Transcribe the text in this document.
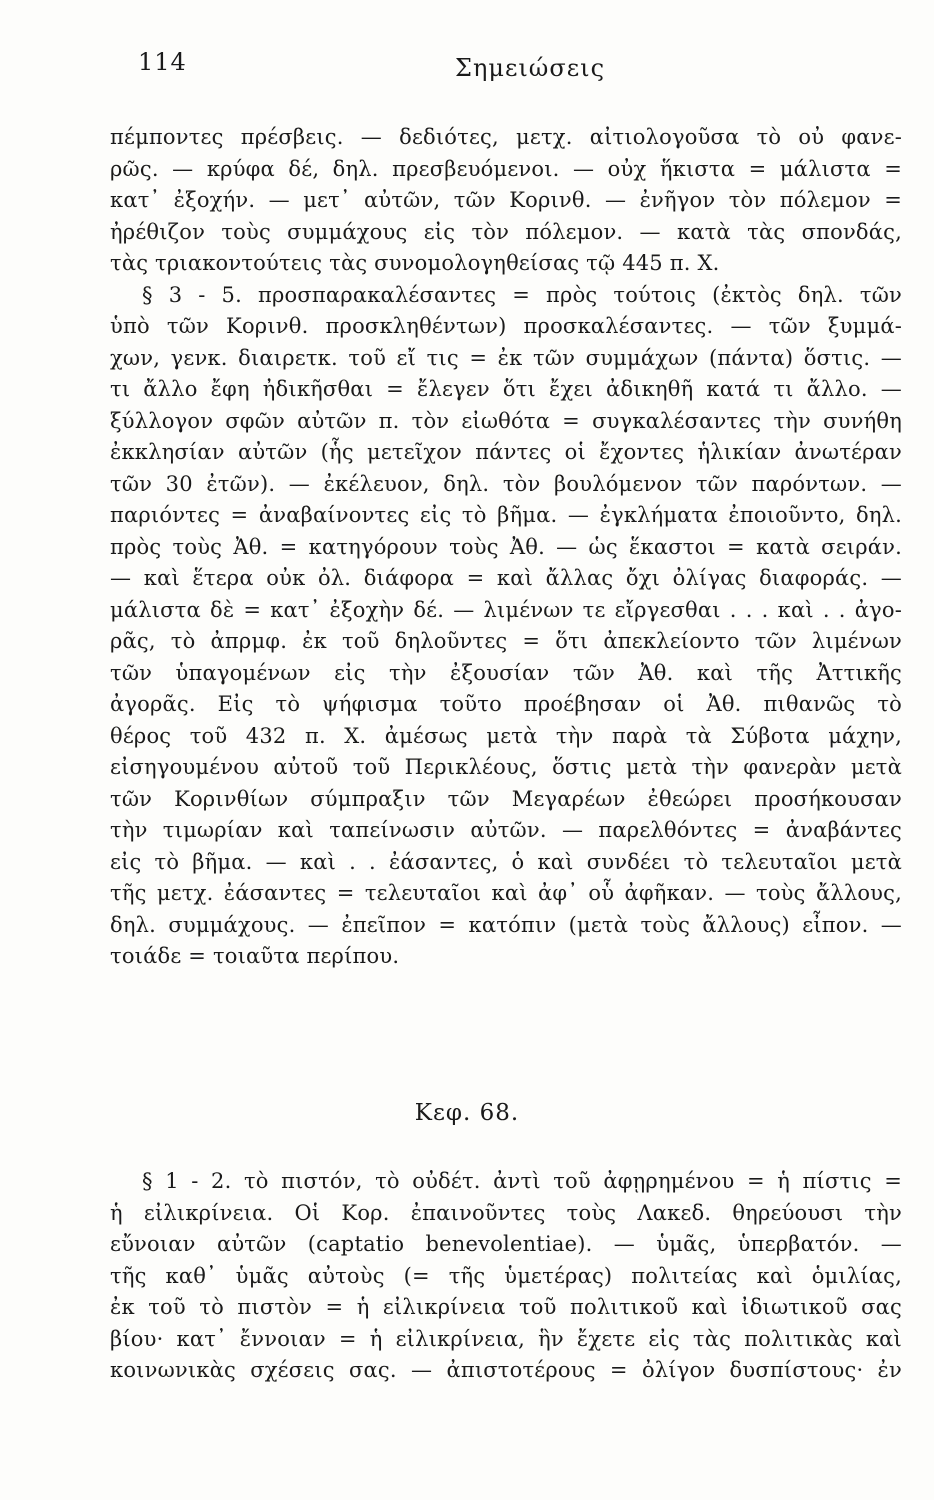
114	Σημειώσεις
πέμποντες πρέσβεις. — δεδιότες, μετχ. αἰτιολογοῦσα τὸ οὐ φανε-
ρῶς. — κρύφα δέ, δηλ. πρεσβευόμενοι. — οὐχ ἥκιστα = μάλιστα =
κατ᾽ ἐξοχήν. — μετ᾽ αὐτῶν, τῶν Κορινθ. — ἐνῆγον τὸν πόλεμον =
ἠρέθιζον τοὺς συμμάχους εἰς τὸν πόλεμον. — κατὰ τὰς σπονδάς,
τὰς τριακοντούτεις τὰς συνομολογηθείσας τῷ 445 π. Χ.
§ 3 - 5. προσπαρακαλέσαντες = πρὸς τούτοις (ἐκτὸς δηλ. τῶν
ὑπὸ τῶν Κορινθ. προσκληθέντων) προσκαλέσαντες. — τῶν ξυμμά-
χων, γενκ. διαιρετκ. τοῦ εἴ τις = ἐκ τῶν συμμάχων (πάντα) ὅστις. —
τι ἄλλο ἔφη ἠδικῆσθαι = ἔλεγεν ὅτι ἔχει ἀδικηθῆ κατά τι ἄλλο. —
ξύλλογον σφῶν αὐτῶν π. τὸν εἰωθότα = συγκαλέσαντες τὴν συνήθη
ἐκκλησίαν αὐτῶν (ἧς μετεῖχον πάντες οἱ ἔχοντες ἡλικίαν ἀνωτέραν
τῶν 30 ἐτῶν). — ἐκέλευον, δηλ. τὸν βουλόμενον τῶν παρόντων. —
παριόντες = ἀναβαίνοντες εἰς τὸ βῆμα. — ἐγκλήματα ἐποιοῦντο, δηλ.
πρὸς τοὺς Ἀθ. = κατηγόρουν τοὺς Ἀθ. — ὡς ἕκαστοι = κατὰ σειράν.
— καὶ ἕτερα οὐκ ὀλ. διάφορα = καὶ ἄλλας ὄχι ὀλίγας διαφοράς. —
μάλιστα δὲ = κατ᾽ ἐξοχὴν δέ. — λιμένων τε εἴργεσθαι . . . καὶ . . ἀγο-
ρᾶς, τὸ ἀπρμφ. ἐκ τοῦ δηλοῦντες = ὅτι ἀπεκλείοντο τῶν λιμένων
τῶν ὑπαγομένων εἰς τὴν ἐξουσίαν τῶν Ἀθ. καὶ τῆς Ἀττικῆς
ἀγορᾶς. Εἰς τὸ ψήφισμα τοῦτο προέβησαν οἱ Ἀθ. πιθανῶς τὸ
θέρος τοῦ 432 π. Χ. ἀμέσως μετὰ τὴν παρὰ τὰ Σύβοτα μάχην,
εἰσηγουμένου αὐτοῦ τοῦ Περικλέους, ὅστις μετὰ τὴν φανερὰν μετὰ
τῶν Κορινθίων σύμπραξιν τῶν Μεγαρέων ἐθεώρει προσήκουσαν
τὴν τιμωρίαν καὶ ταπείνωσιν αὐτῶν. — παρελθόντες = ἀναβάντες
εἰς τὸ βῆμα. — καὶ . . ἐάσαντες, ὁ καὶ συνδέει τὸ τελευταῖοι μετὰ
τῆς μετχ. ἐάσαντες = τελευταῖοι καὶ ἀφ᾽ οὗ ἀφῆκαν. — τοὺς ἄλλους,
δηλ. συμμάχους. — ἐπεῖπον = κατόπιν (μετὰ τοὺς ἄλλους) εἶπον. —
τοιάδε = τοιαῦτα περίπου.
Κεφ. 68.
§ 1 - 2. τὸ πιστόν, τὸ οὐδέτ. ἀντὶ τοῦ ἀφῃρημένου = ἡ πίστις =
ἡ εἰλικρίνεια. Οἱ Κορ. ἐπαινοῦντες τοὺς Λακεδ. θηρεύουσι τὴν
εὔνοιαν αὐτῶν (captatio benevolentiae). — ὑμᾶς, ὑπερβατόν. —
τῆς καθ᾽ ὑμᾶς αὐτοὺς (= τῆς ὑμετέρας) πολιτείας καὶ ὁμιλίας,
ἐκ τοῦ τὸ πιστὸν = ἡ εἰλικρίνεια τοῦ πολιτικοῦ καὶ ἰδιωτικοῦ σας
βίου· κατ᾽ ἔννοιαν = ἡ εἰλικρίνεια, ἣν ἔχετε εἰς τὰς πολιτικὰς καὶ
κοινωνικὰς σχέσεις σας. — ἀπιστοτέρους = ὀλίγον δυσπίστους· ἐν
